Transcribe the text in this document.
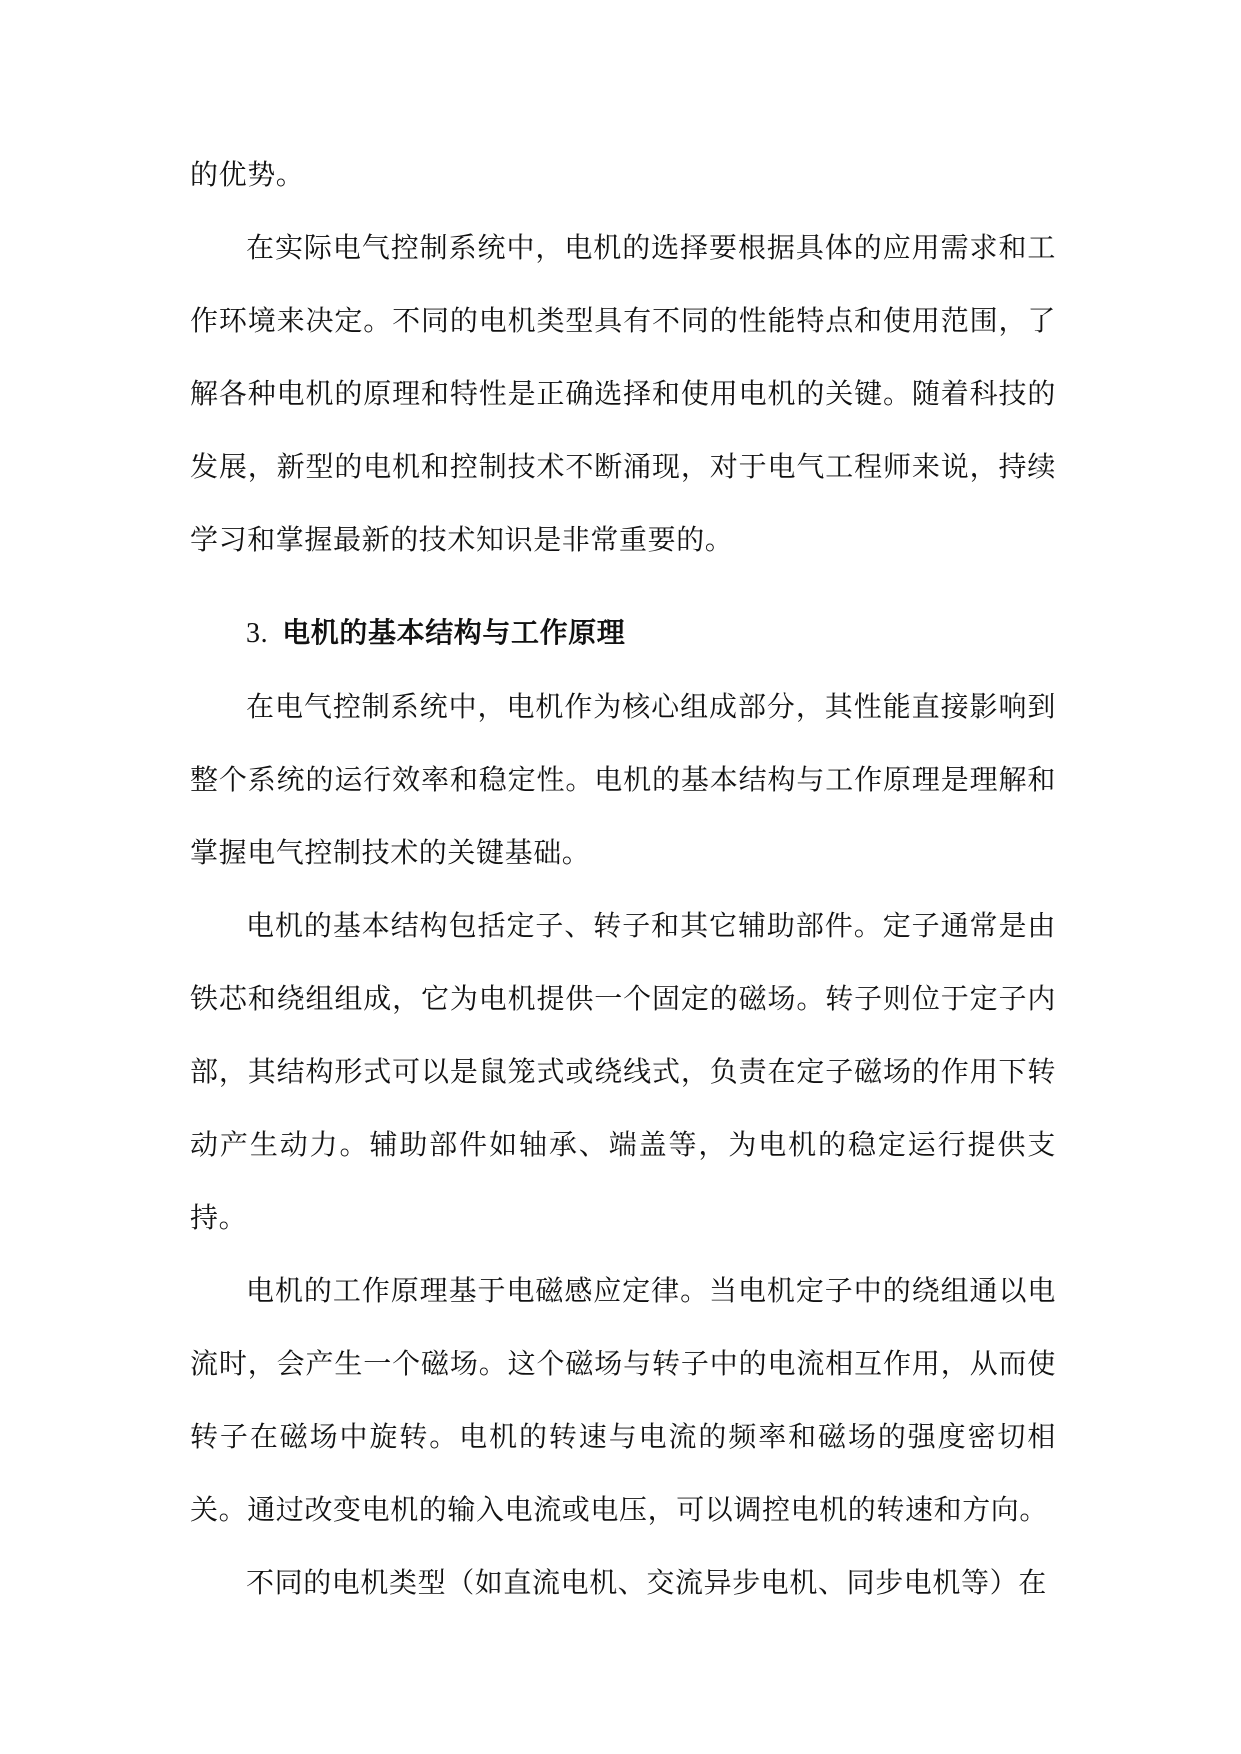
的优势。

在实际电气控制系统中，电机的选择要根据具体的应用需求和工作环境来决定。不同的电机类型具有不同的性能特点和使用范围，了解各种电机的原理和特性是正确选择和使用电机的关键。随着科技的发展，新型的电机和控制技术不断涌现，对于电气工程师来说，持续学习和掌握最新的技术知识是非常重要的。

3. 电机的基本结构与工作原理

在电气控制系统中，电机作为核心组成部分，其性能直接影响到整个系统的运行效率和稳定性。电机的基本结构与工作原理是理解和掌握电气控制技术的关键基础。

电机的基本结构包括定子、转子和其它辅助部件。定子通常是由铁芯和绕组组成，它为电机提供一个固定的磁场。转子则位于定子内部，其结构形式可以是鼠笼式或绕线式，负责在定子磁场的作用下转动产生动力。辅助部件如轴承、端盖等，为电机的稳定运行提供支持。

电机的工作原理基于电磁感应定律。当电机定子中的绕组通以电流时，会产生一个磁场。这个磁场与转子中的电流相互作用，从而使转子在磁场中旋转。电机的转速与电流的频率和磁场的强度密切相关。通过改变电机的输入电流或电压，可以调控电机的转速和方向。

不同的电机类型（如直流电机、交流异步电机、同步电机等）在
